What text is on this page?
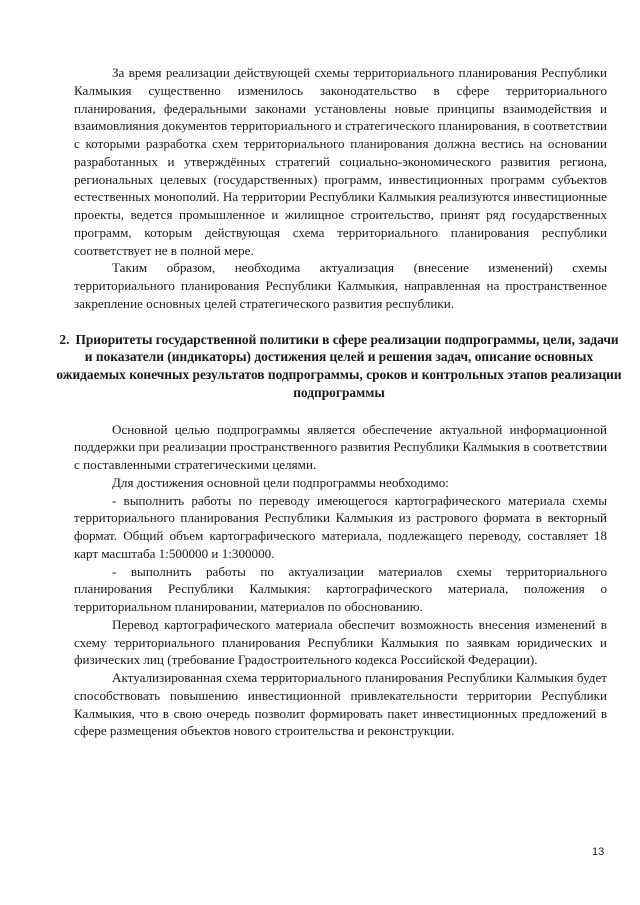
За время реализации действующей схемы территориального планирования Республики Калмыкия существенно изменилось законодательство в сфере территориального планирования, федеральными законами установлены новые принципы взаимодействия и взаимовлияния документов территориального и стратегического планирования, в соответствии с которыми разработка схем территориального планирования должна вестись на основании разработанных и утверждённых стратегий социально-экономического развития региона, региональных целевых (государственных) программ, инвестиционных программ субъектов естественных монополий. На территории Республики Калмыкия реализуются инвестиционные проекты, ведется промышленное и жилищное строительство, принят ряд государственных программ, которым действующая схема территориального планирования республики соответствует не в полной мере.

Таким образом, необходима актуализация (внесение изменений) схемы территориального планирования Республики Калмыкия, направленная на пространственное закрепление основных целей стратегического развития республики.

2. Приоритеты государственной политики в сфере реализации подпрограммы, цели, задачи и показатели (индикаторы) достижения целей и решения задач, описание основных ожидаемых конечных результатов подпрограммы, сроков и контрольных этапов реализации подпрограммы

Основной целью подпрограммы является обеспечение актуальной информационной поддержки при реализации пространственного развития Республики Калмыкия в соответствии с поставленными стратегическими целями.

Для достижения основной цели подпрограммы необходимо:

- выполнить работы по переводу имеющегося картографического материала схемы территориального планирования Республики Калмыкия из растрового формата в векторный формат. Общий объем картографического материала, подлежащего переводу, составляет 18 карт масштаба 1:500000 и 1:300000.

- выполнить работы по актуализации материалов схемы территориального планирования Республики Калмыкия: картографического материала, положения о территориальном планировании, материалов по обоснованию.

Перевод картографического материала обеспечит возможность внесения изменений в схему территориального планирования Республики Калмыкия по заявкам юридических и физических лиц (требование Градостроительного кодекса Российской Федерации).

Актуализированная схема территориального планирования Республики Калмыкия будет способствовать повышению инвестиционной привлекательности территории Республики Калмыкия, что в свою очередь позволит формировать пакет инвестиционных предложений в сфере размещения объектов нового строительства и реконструкции.

13
